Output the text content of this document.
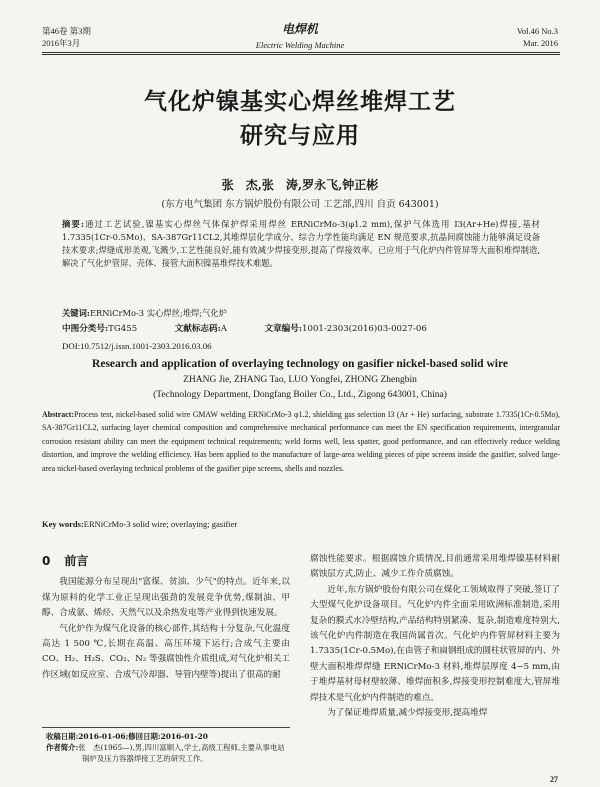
第46卷 第3期
2016年3月
电焊机
Electric Welding Machine
Vol.46 No.3
Mar. 2016
气化炉镍基实心焊丝堆焊工艺
研究与应用
张　杰,张　涛,罗永飞,钟正彬
(东方电气集团 东方锅炉股份有限公司 工艺部,四川 自贡 643001)
摘要:通过工艺试验,镍基实心焊丝气体保护焊采用焊丝 ERNiCrMo-3(φ1.2 mm),保护气体选用 I3(Ar+He)焊接,基材 1.7335(1Cr-0.5Mo)、SA-387Gr11CL2,其堆焊层化学成分、综合力学性能均满足 EN 规范要求,抗晶间腐蚀能力能够满足设备技术要求;焊缝成形美观,飞溅少,工艺性能良好,能有效减少焊接变形,提高了焊接效率。已应用于气化炉内件管屏等大面积堆焊制造,解决了气化炉管屏、壳体、接管大面积镍基堆焊技术难题。
关键词:ERNiCrMo-3 实心焊丝;堆焊;气化炉
中图分类号:TG455	文献标志码:A	文章编号:1001-2303(2016)03-0027-06
DOI:10.7512/j.issn.1001-2303.2016.03.06
Research and application of overlaying technology on gasifier nickel-based solid wire
ZHANG Jie, ZHANG Tao, LUO Yongfei, ZHONG Zhengbin
(Technology Department, Dongfang Boiler Co., Ltd., Zigong 643001, China)
Abstract:Process test, nickel-based solid wire GMAW welding ERNiCrMo-3 φ1.2, shielding gas selection I3 (Ar + He) surfacing, substrate 1.7335(1Cr-0.5Mo), SA-387Gr11CL2, surfacing layer chemical composition and comprehensive mechanical performance can meet the EN specification requirements, intergranular corrosion resistant ability can meet the equipment technical requirements; weld forms well, less spatter, good performance, and can effectively reduce welding distortion, and improve the welding efficiency. Has been applied to the manufacture of large-area welding pieces of pipe screens inside the gasifier, solved large-area nickel-based overlaying technical problems of the gasifier pipe screens, shells and nozzles.
Key words:ERNiCrMo-3 solid wire; overlaying; gasifier

0 前言

我国能源分布呈现出"富煤、贫油、少气"的特点。近年来,以煤为原料的化学工业正呈现出强劲的发展竞争优势,煤制油、甲醇、合成氨、烯烃、天然气以及余热发电等产业得到快速发展。

气化炉作为煤气化设备的核心部件,其结构十分复杂,气化温度高达 1 500 ℃,长期在高温、高压环境下运行;合成气主要由 CO、H₂、H₂S、CO₂、N₂ 等强腐蚀性介质组成,对气化炉相关工作区域(如反应室、合成气冷却器、导管内壁等)提出了很高的耐

收稿日期:2016-01-06;修回日期:2016-01-20
作者简介:张　杰(1965—),男,四川富顺人,学士,高级工程师,主要从事电站锅炉及压力容器焊接工艺的研究工作。

腐蚀性能要求。根据腐蚀介质情况,目前通常采用堆焊镍基材料耐腐蚀层方式,防止、减少工作介质腐蚀。

近年,东方锅炉股份有限公司在煤化工领域取得了突破,签订了大型煤气化炉设备项目。气化炉内件全面采用欧洲标准制造,采用复杂的膜式水冷壁结构,产品结构特别紧凑、复杂,制造难度特别大,该气化炉内件制造在我国尚属首次。气化炉内件管屏材料主要为 1.7335(1Cr-0.5Mo),在由管子和扁钢组成的圆柱状管屏的内、外壁大面积堆焊焊缝 ERNiCrMo-3 材料,堆焊层厚度 4~5 mm,由于堆焊基材母材壁较薄、堆焊面积多,焊接变形控制难度大,管屏堆焊技术是气化炉内件制造的难点。

为了保证堆焊质量,减少焊接变形,提高堆焊

27
